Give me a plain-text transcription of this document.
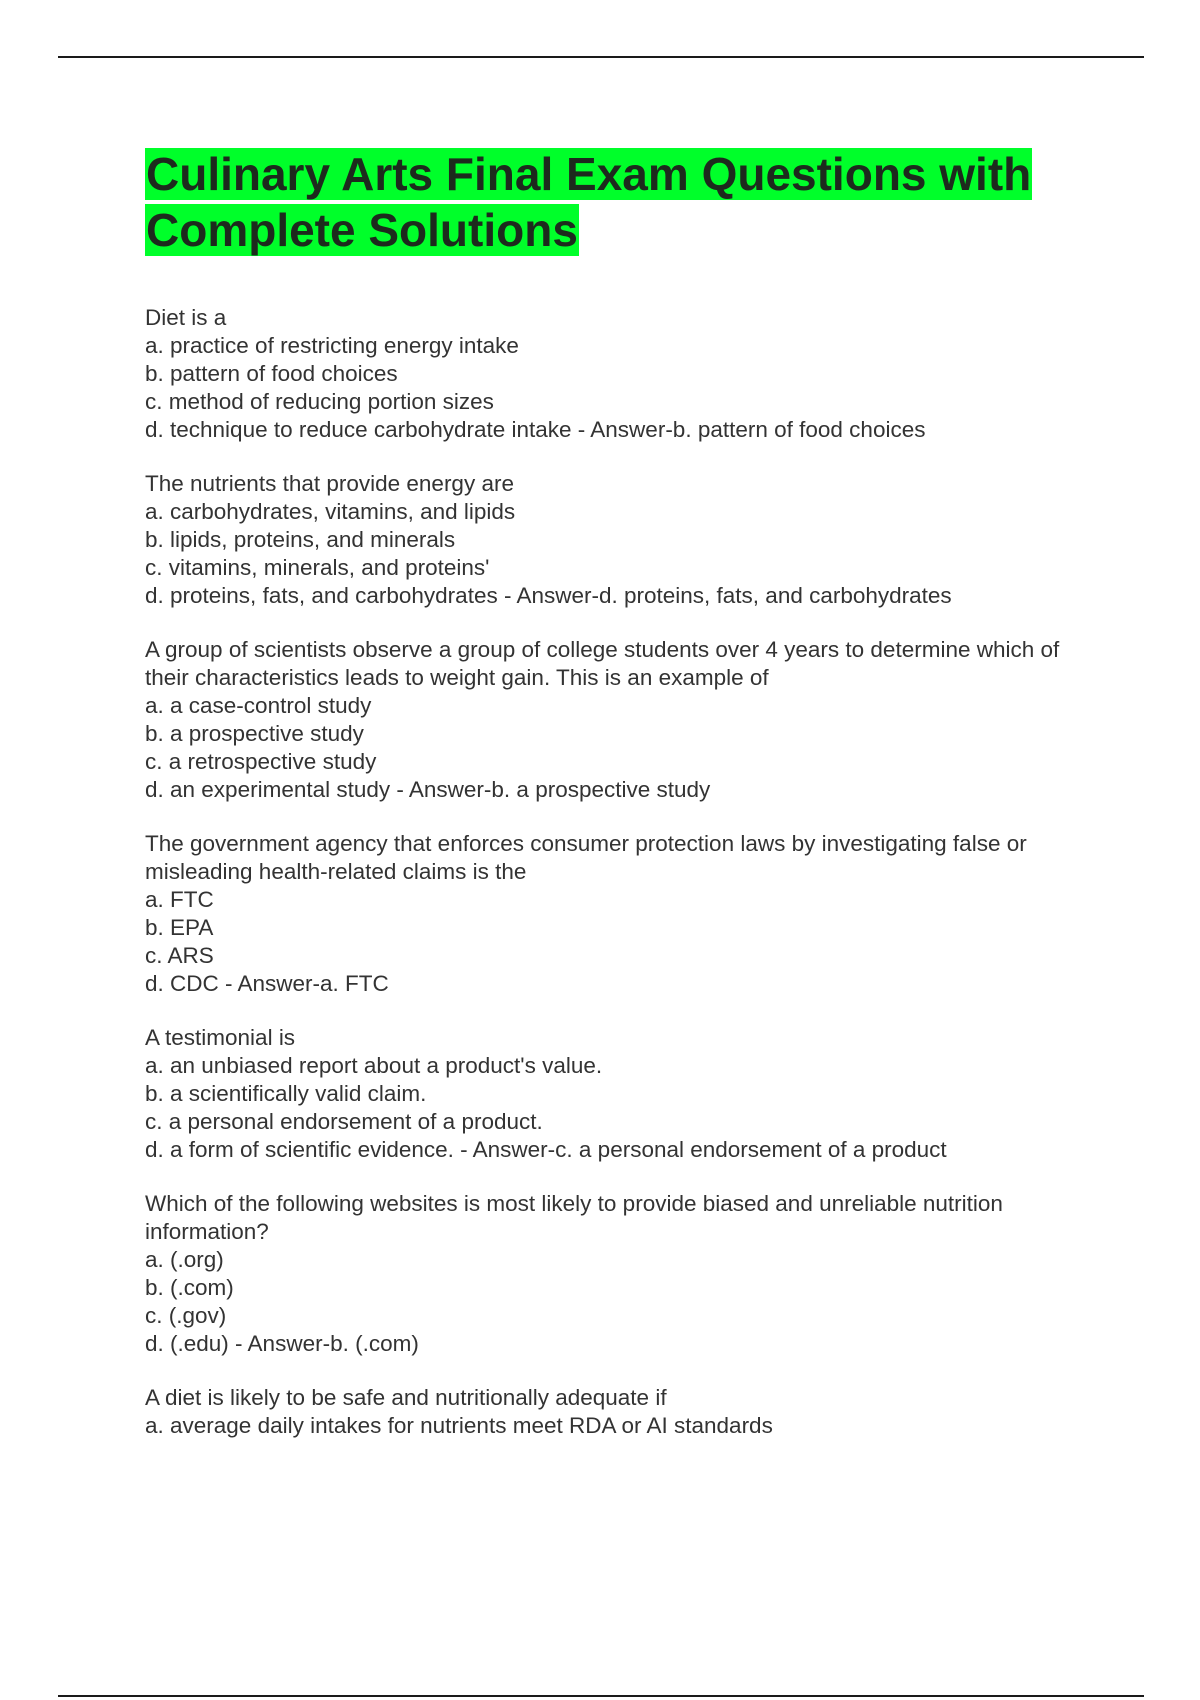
Culinary Arts Final Exam Questions with Complete Solutions
Diet is a
a. practice of restricting energy intake
b. pattern of food choices
c. method of reducing portion sizes
d. technique to reduce carbohydrate intake - Answer-b. pattern of food choices
The nutrients that provide energy are
a. carbohydrates, vitamins, and lipids
b. lipids, proteins, and minerals
c. vitamins, minerals, and proteins'
d. proteins, fats, and carbohydrates - Answer-d. proteins, fats, and carbohydrates
A group of scientists observe a group of college students over 4 years to determine which of their characteristics leads to weight gain. This is an example of
a. a case-control study
b. a prospective study
c. a retrospective study
d. an experimental study - Answer-b. a prospective study
The government agency that enforces consumer protection laws by investigating false or misleading health-related claims is the
a. FTC
b. EPA
c. ARS
d. CDC - Answer-a. FTC
A testimonial is
a. an unbiased report about a product's value.
b. a scientifically valid claim.
c. a personal endorsement of a product.
d. a form of scientific evidence. - Answer-c. a personal endorsement of a product
Which of the following websites is most likely to provide biased and unreliable nutrition information?
a. (.org)
b. (.com)
c. (.gov)
d. (.edu) - Answer-b. (.com)
A diet is likely to be safe and nutritionally adequate if
a. average daily intakes for nutrients meet RDA or AI standards
